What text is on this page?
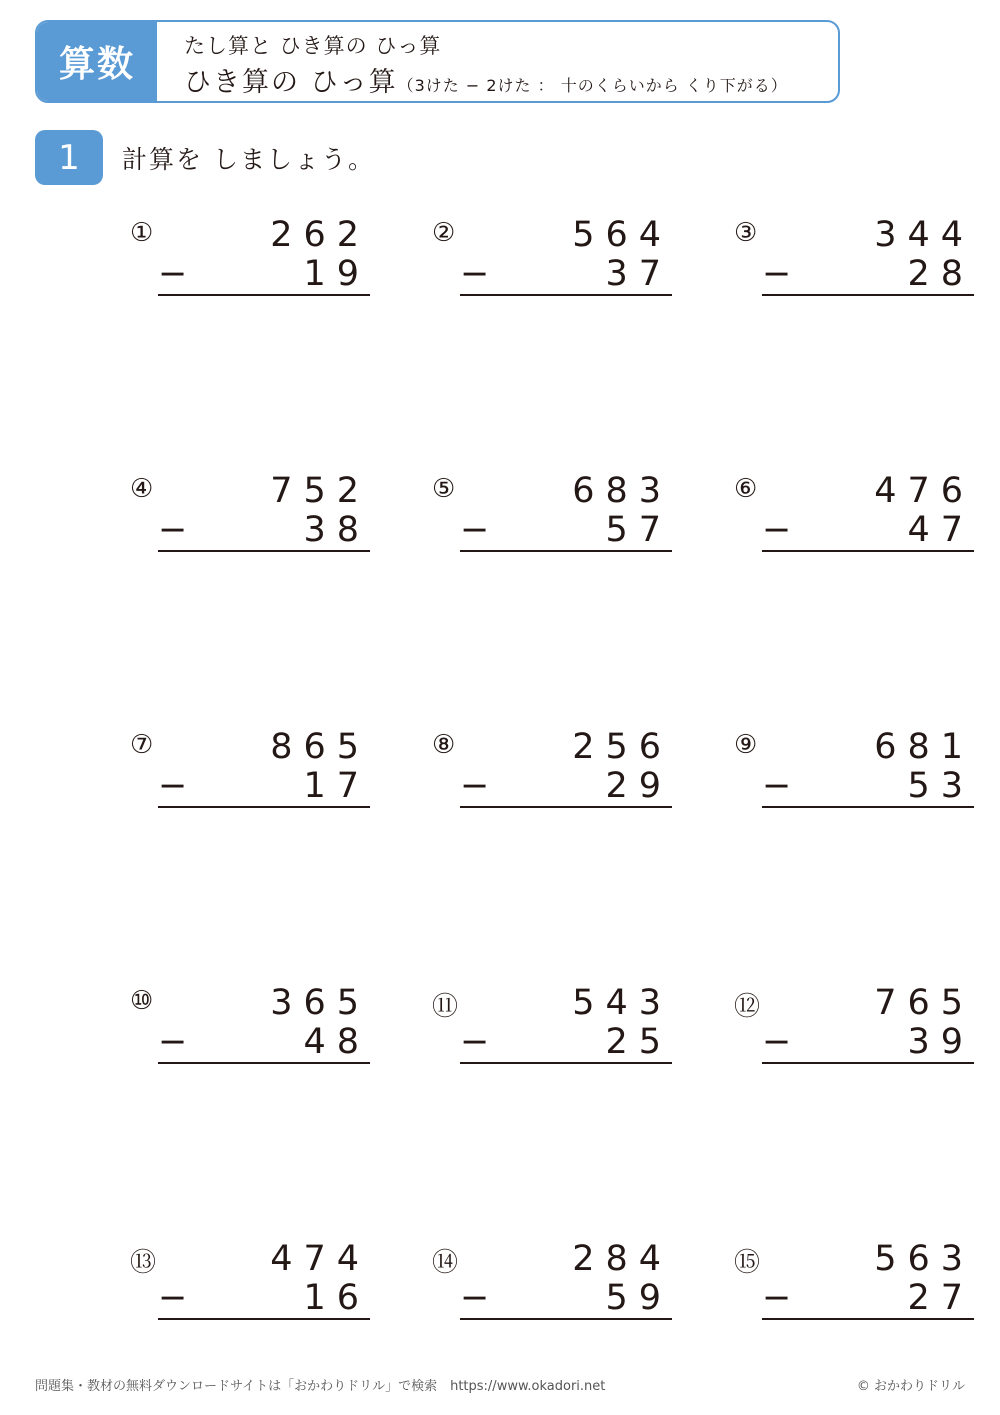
算数	たし算と ひき算の ひっ算
ひき算の ひっ算（3けた − 2けた ： 十のくらいから くり下がる）
1	計算を しましょう。
①	262
−	19
②	564
−	37
③	344
−	28
④	752
−	38
⑤	683
−	57
⑥	476
−	47
⑦	865
−	17
⑧	256
−	29
⑨	681
−	53
⑩	365
−	48
⑪	543
−	25
⑫	765
−	39
⑬	474
−	16
⑭	284
−	59
⑮	563
−	27
問題集・教材の無料ダウンロードサイトは「おかわりドリル」で検索　https://www.okadori.net	© おかわりドリル
